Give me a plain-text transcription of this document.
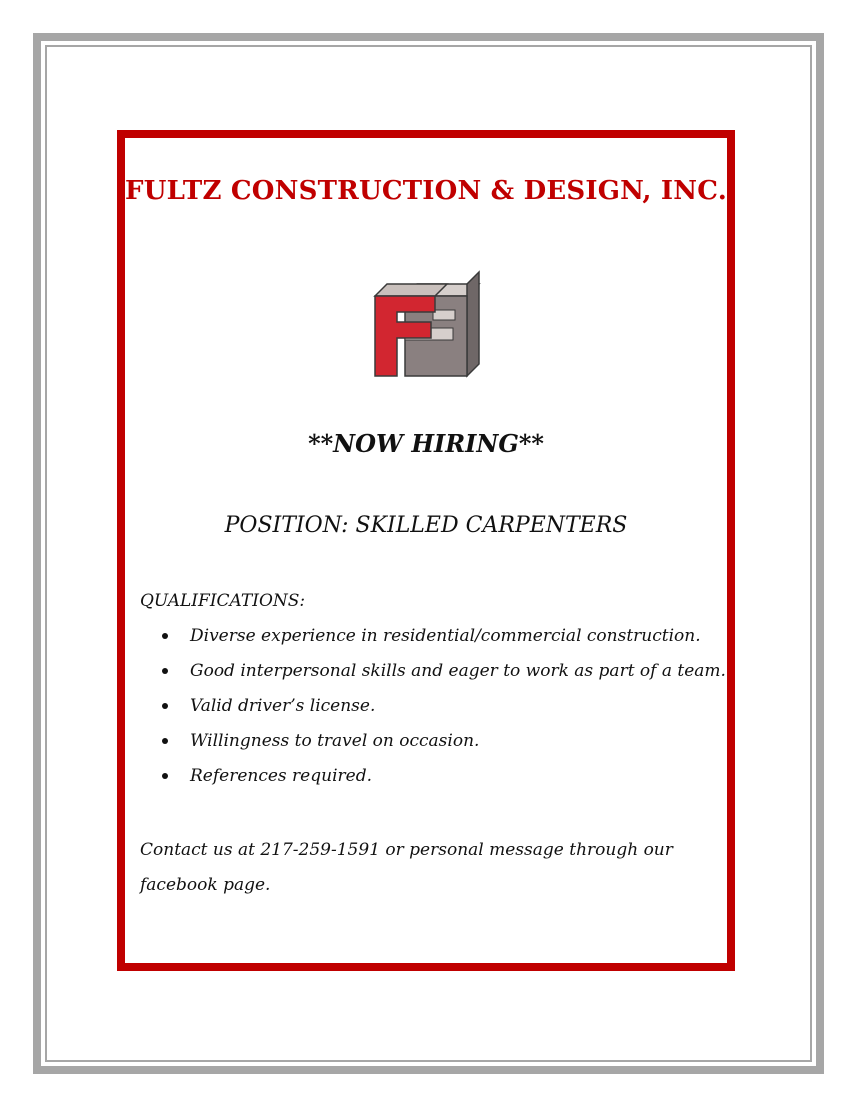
FULTZ CONSTRUCTION & DESIGN, INC.
**NOW HIRING**
POSITION: SKILLED CARPENTERS
QUALIFICATIONS:
Diverse experience in residential/commercial construction.
Good interpersonal skills and eager to work as part of a team.
Valid driver’s license.
Willingness to travel on occasion.
References required.
Contact us at 217-259-1591 or personal message through our facebook page.
